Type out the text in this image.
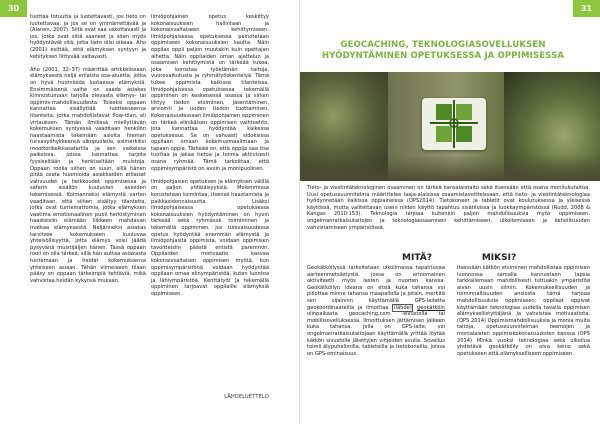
30

tuottaa totuutta ja luotettavasti, jos tieto on luotettavaa, ja jos se on ymmärrettävää ja (Alanen, 2007). Siitä ovat saa uskottavasti ja jos, jotka ovat siitä saaneet ja siten myös hyödyntävät sitä, jotta tieto olisi oikeaa. Aho (2001) esittää, että elämyksen syntyyn ja kehityksen liittyvää valtavasti.

Aho (2001, 32–37) määrittää artikkelissaan elämyksestä neljä erilaista osa-aluetta, jotka on hyvä huomioida luotaessa elämyksiä. Ensimmäisenä vaihe on saada asiakas kiinnostumaan tarjolla olevasta elämys- tai oppimis-mahdollisuudesta. Toiseksi oppaan kannattaa sisällyttää tuotteeseensa tilanteita, jotka mahdollistavat flow-tilan, eli virtauksen. Tämän ilmiössä miellyttävän kokemuksen syntyessä vaaditaan henkilön haastaamista tekemään asioita hieman turvavyöhykkeensä ulkopuolella, esimerkiksi moottorikelkkasafarilla ja sen vaikeissa paikoissa, joissa kannattaa tarjota fyysiseltään ja henkiseltään muistoja. Oppaan roolia siihen on suuri, sillä hänen pitää osata huomioida asiakkaiden erilaiset vahvuudet ja heikkoudet oppimisessa ja safarin sisällön kuuluvien asioiden tekemisessä. Kolmanneksi elämystä varten vaaditaan, että siihen sisältyy tilanteita, jotka ovat tuntemattomia, jotka elämyksen vaatima emotionaalinen puoli herkistyminen haasteisiin elämään liikkeen mahdavan matkaa elämyksestä. Neljänneksi asiakas tarvitsee kokemukseen kuuluvaa yhteisöllisyyttä, jotta elämys voisi jäädä pysyvänä muistijäljen hänen. Tässä oppaan rooli on olla tärkeä, sillä hän auttaa asiakasta tuntemaan ja heidät kokemuksensa yhteiseen asiaan. Tähän viimeiseen tilaan pääsy on oppaan tärkeimpiä tehtäviä, mikä vahvistaa heidän kykynsä mukaan.

Ilmiöpohjainen opetus keskittyy kokonaisuuksien hallintaan ja kokonaisvaltaiseen kehittymiseen. Ilmiöpohjaisessa opetuksessa painotetaan oppimiseen kokonaisuuksien kautta. Näin oppilas oppii paljon muutakin kuin opettajan aihetta. Näin oppilaiden oman ajattelun ja osaamisen kehittymistä on tärkeää tukea, joka korostaa työelämän taitoja, vuorovaikutusta ja ryhmätyöskentelyä. Tämä tukee oppimista kaikissa tilanteissa. Ilmiöpohjaisessa opetuksessa tekemällä oppiminen on keskeisessä osassa ja siihen liittyy tiedon etsiminen, jäsentäminen, arviointi ja uuden tiedon tuottaminen. Kokonaisuudessaan ilmiöpohjainen oppiminen on tärkeä elinikäisen oppimisen vaihtoehto, jota kannattaa hyödyntää kaikessa opetuksessa. Se on vahvasti sidoksissa oppilaan omaan kokemusmaailmaan ja tapaan oppia. Tärkeää on, että oppija saa itse tuottaa ja jakaa tietoa ja toimia aktiivisesti osana ryhmää. Tämä tarkoittaa, että oppimisympäristö on avoin ja monipuolinen.

Ilmiöpohjaisen opetuksen ja elämyksen välillä on paljon yhtäläisyyksiä. Molemmissa korostetaan toimintaa, itsensä haastamista ja paikkasidonnaisuutta. Lisäksi ilmiöpohjaisessa opetuksessa kokonaisuuksien hyödyntäminen on hyvin tärkeää sekä ryhmässä toimiminen ja tekemällä oppiminen. Jos tulevaisuudessa opetus hyödyntää enemmän elämystä ja ilmiöpohjaista oppimista, voidaan oppimisen tavoitteisiin päästä entistä paremmin. Oppilaiden motivaatio kasvaa kokonaisvaltaisen oppimisen myötä, kun oppimisympäristönä voidaan hyödyntää oppilaan omaa elinympäristöä, kuten luontoa ja lähiympäristöä. Kenttätyöt ja tekemällä oppiminen tarjoavat oppilaille elämyksiä oppimiseen.

LÄHDELUETTELO
31
GEOCACHING, TEKNOLOGIASOVELLUKSEN
HYÖDYNTÄMINEN OPETUKSESSA JA OPPIMISESSA
Tieto- ja viestintäteknologinen osaaminen on tärkeä kansalaistaito sekä itsessään että osana monilukutaitoa. Uusi opetussuunnitelma määrittelee laaja-alaisissa osaamistavoitteissaan, että tieto- ja viestintäteknologiaa hyödynnetään kaikissa oppiaineissa (OPS2014). Tietokoneet ja tabletit ovat koulutuksessa ja yleisessä käytössä, mutta valitettavan usein niiden käyttö tapahtuu sisätiloissa ja luokkaympäristössä (Rudd, 2008 & Kangas 2010:153). Teknologia tarjoaa kuitenkin paljon mahdollisuuksia myös oppimiseen, ongelmanratkaisutaitojen ja teknologiaosaamisen kehittämiseen, ulkoilemiseen ja kehollisuuden vahvistamiseen ympäristössä.
MITÄ?	MIKSI?
Geokätköilyssä tarkoitetaan ulkoilmassa tapahtuvaa aarteenmetsästystä, jossa on erinomainen aktiviteetti myös lasten ja nuorten kanssa. Geokätköilyn ideana on etsiä kuka tahansa voi piilottaa minne tahansa maapallolla ja jotain, merkitä sen sijainnin käyttämällä GPS-laitetta geokoordinaateilla ja ilmoittaa (lähde) geokätköin olinpaikasta geocaching.com -sivustolla tai mobiilisovelluksessa. Ilmoittuksen jättämisen jälkeen kuka tahansa, jolla on GPS-laite, voi ongelmanratkaisutaitojaan käyttämällä yrittää löytää kätkön sivustolle jätettyjen vihjeiden avulla. Sovellus toimii älypuhelimilla, tableteilla ja tietokoneilla, joissa on GPS-ominaisuus.
Itsessään kätkön etsiminen mahdollistaa oppimisen luonnossa samalla kannustaen lapsia tarkkailemaan mahdollisesti tuttuakin ympäristöä aivan uusin silmin. Kokemuksellisuuden ja toiminnallisuuden ansiosta tämä tarjoaa mahdollisuuksia oppimiseen: oppilaat oppivat käyttämään teknologiaa uudella tavalla oppimisen elämyksellistyttäjänä ja vahvistaa motivaatiota. (OPS 2014) Oppimismahdollisuuksia ja monia muita taitoja, opetussuunnitelman teemojen ja monialaisten oppimiskokonaisuuksien kanssa (OPS 2014) Minkä vuoksi teknologiaa sekä ulkoilua yhdistävä geokätköily on oiva keino sekä opetukseen että elämykselliseen oppimiseen.
